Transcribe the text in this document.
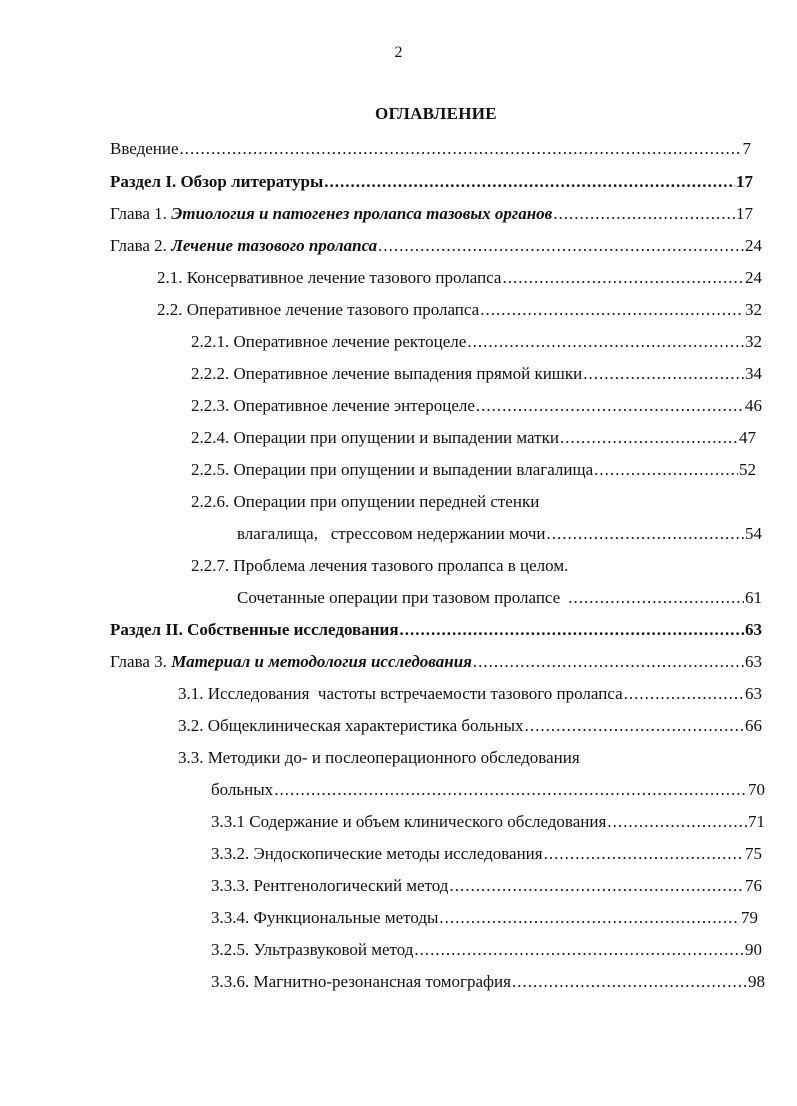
2
ОГЛАВЛЕНИЕ
Введение .....	7
Раздел I. Обзор литературы .....	17
Глава 1. Этиология и патогенез пролапса тазовых органов .....	17
Глава 2. Лечение тазового пролапса .....	24
2.1. Консервативное лечение тазового пролапса .....	24
2.2. Оперативное лечение тазового пролапса .....	32
2.2.1. Оперативное лечение ректоцеле .....	32
2.2.2. Оперативное лечение выпадения прямой кишки .....	34
2.2.3. Оперативное лечение энтероцеле .....	46
2.2.4. Операции при опущении и выпадении матки .....	47
2.2.5. Операции при опущении и выпадении влагалища .....	52
2.2.6. Операции при опущении передней стенки
влагалища,   стрессовом недержании мочи .....	54
2.2.7. Проблема лечения тазового пролапса в целом.
Сочетанные операции при тазовом пролапсе .....	61
Раздел II. Собственные исследования .....	63
Глава 3. Материал и методология исследования .....	63
3.1. Исследования  частоты встречаемости тазового пролапса .....	63
3.2. Общеклиническая характеристика больных .....	66
3.3. Методики до- и послеоперационного обследования
больных .....	70
3.3.1 Содержание и объем клинического обследования .....	71
3.3.2. Эндоскопические методы исследования .....	75
3.3.3. Рентгенологический метод .....	76
3.3.4. Функциональные методы .....	79
3.2.5. Ультразвуковой метод .....	90
3.3.6. Магнитно-резонансная томография .....	98
